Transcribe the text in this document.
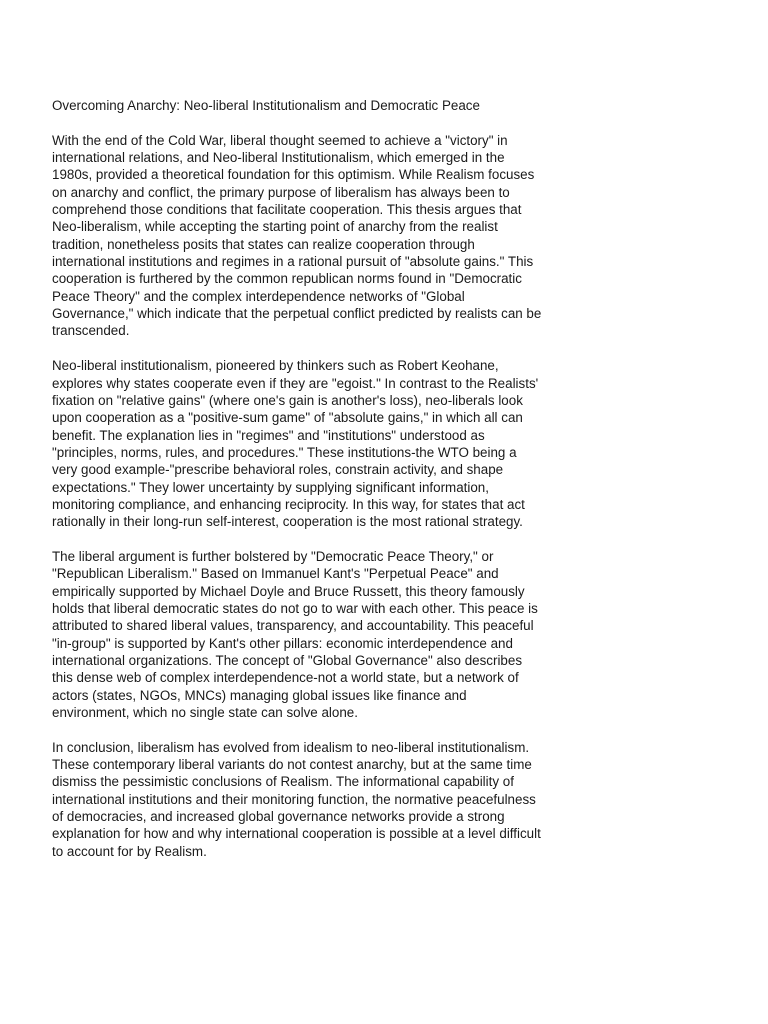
Overcoming Anarchy: Neo-liberal Institutionalism and Democratic Peace

With the end of the Cold War, liberal thought seemed to achieve a "victory" in international relations, and Neo-liberal Institutionalism, which emerged in the 1980s, provided a theoretical foundation for this optimism. While Realism focuses on anarchy and conflict, the primary purpose of liberalism has always been to comprehend those conditions that facilitate cooperation. This thesis argues that Neo-liberalism, while accepting the starting point of anarchy from the realist tradition, nonetheless posits that states can realize cooperation through international institutions and regimes in a rational pursuit of "absolute gains." This cooperation is furthered by the common republican norms found in "Democratic Peace Theory" and the complex interdependence networks of "Global Governance," which indicate that the perpetual conflict predicted by realists can be transcended.

Neo-liberal institutionalism, pioneered by thinkers such as Robert Keohane, explores why states cooperate even if they are "egoist." In contrast to the Realists' fixation on "relative gains" (where one's gain is another's loss), neo-liberals look upon cooperation as a "positive-sum game" of "absolute gains," in which all can benefit. The explanation lies in "regimes" and "institutions" understood as "principles, norms, rules, and procedures." These institutions-the WTO being a very good example-"prescribe behavioral roles, constrain activity, and shape expectations." They lower uncertainty by supplying significant information, monitoring compliance, and enhancing reciprocity. In this way, for states that act rationally in their long-run self-interest, cooperation is the most rational strategy.

The liberal argument is further bolstered by "Democratic Peace Theory," or "Republican Liberalism." Based on Immanuel Kant's "Perpetual Peace" and empirically supported by Michael Doyle and Bruce Russett, this theory famously holds that liberal democratic states do not go to war with each other. This peace is attributed to shared liberal values, transparency, and accountability. This peaceful "in-group" is supported by Kant's other pillars: economic interdependence and international organizations. The concept of "Global Governance" also describes this dense web of complex interdependence-not a world state, but a network of actors (states, NGOs, MNCs) managing global issues like finance and environment, which no single state can solve alone.

In conclusion, liberalism has evolved from idealism to neo-liberal institutionalism. These contemporary liberal variants do not contest anarchy, but at the same time dismiss the pessimistic conclusions of Realism. The informational capability of international institutions and their monitoring function, the normative peacefulness of democracies, and increased global governance networks provide a strong explanation for how and why international cooperation is possible at a level difficult to account for by Realism.
